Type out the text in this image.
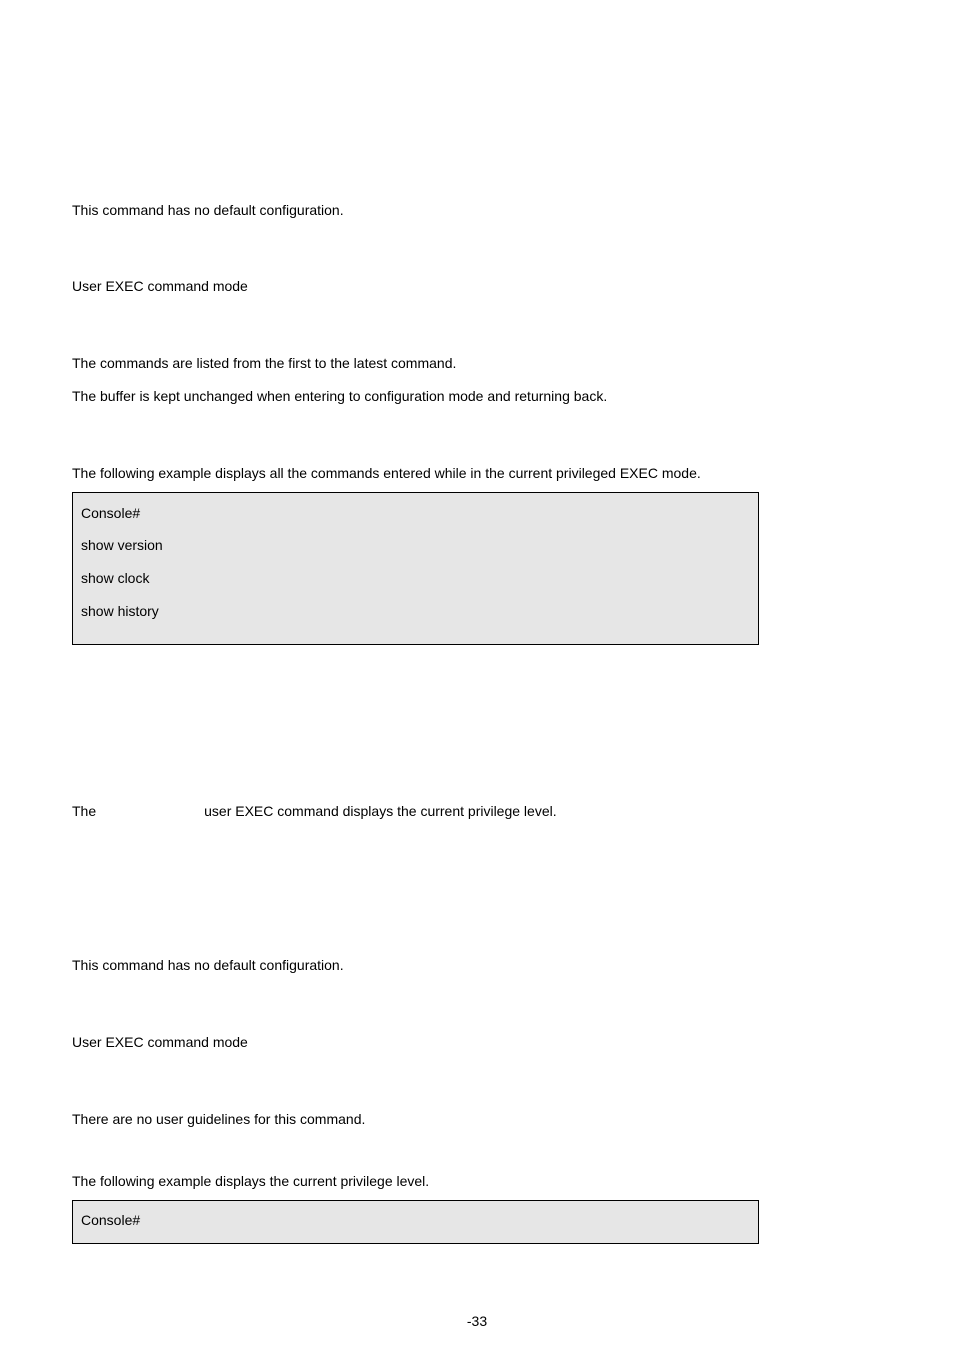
This command has no default configuration.

User EXEC command mode

The commands are listed from the first to the latest command.

The buffer is kept unchanged when entering to configuration mode and returning back.

The following example displays all the commands entered while in the current privileged EXEC mode.

Console#
show version
show clock
show history

The	user EXEC command displays the current privilege level.

This command has no default configuration.

User EXEC command mode

There are no user guidelines for this command.

The following example displays the current privilege level.

Console#
-33
